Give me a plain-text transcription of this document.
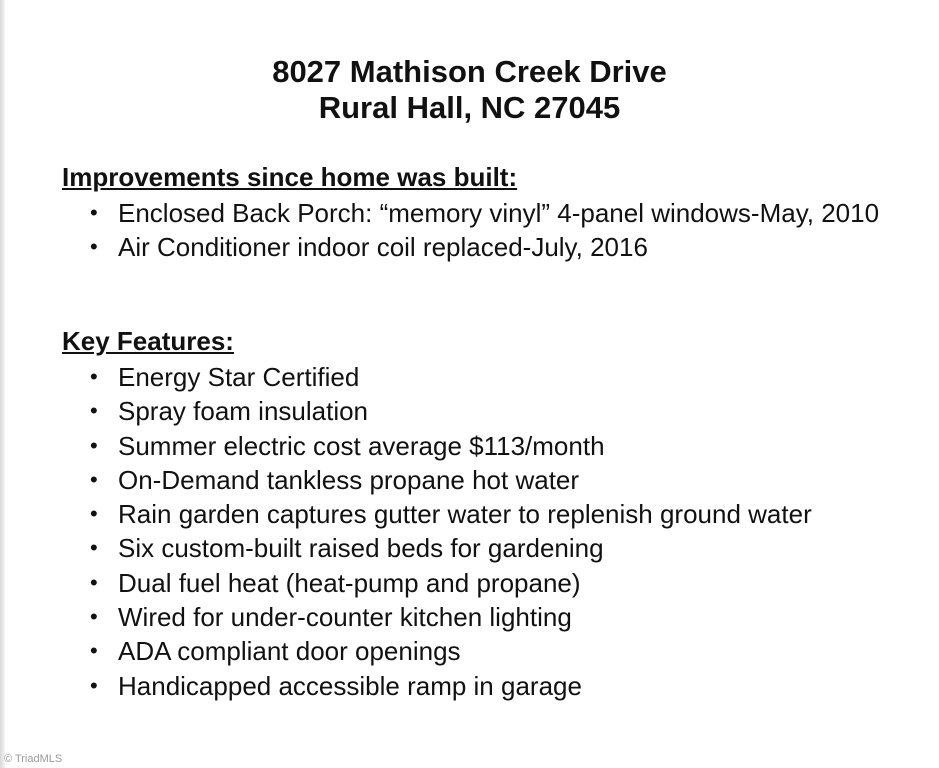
8027 Mathison Creek Drive
Rural Hall, NC 27045
Improvements since home was built:
• Enclosed Back Porch: “memory vinyl” 4-panel windows-May, 2010
• Air Conditioner indoor coil replaced-July, 2016
Key Features:
• Energy Star Certified
• Spray foam insulation
• Summer electric cost average $113/month
• On-Demand tankless propane hot water
• Rain garden captures gutter water to replenish ground water
• Six custom-built raised beds for gardening
• Dual fuel heat (heat-pump and propane)
• Wired for under-counter kitchen lighting
• ADA compliant door openings
• Handicapped accessible ramp in garage
© TriadMLS
